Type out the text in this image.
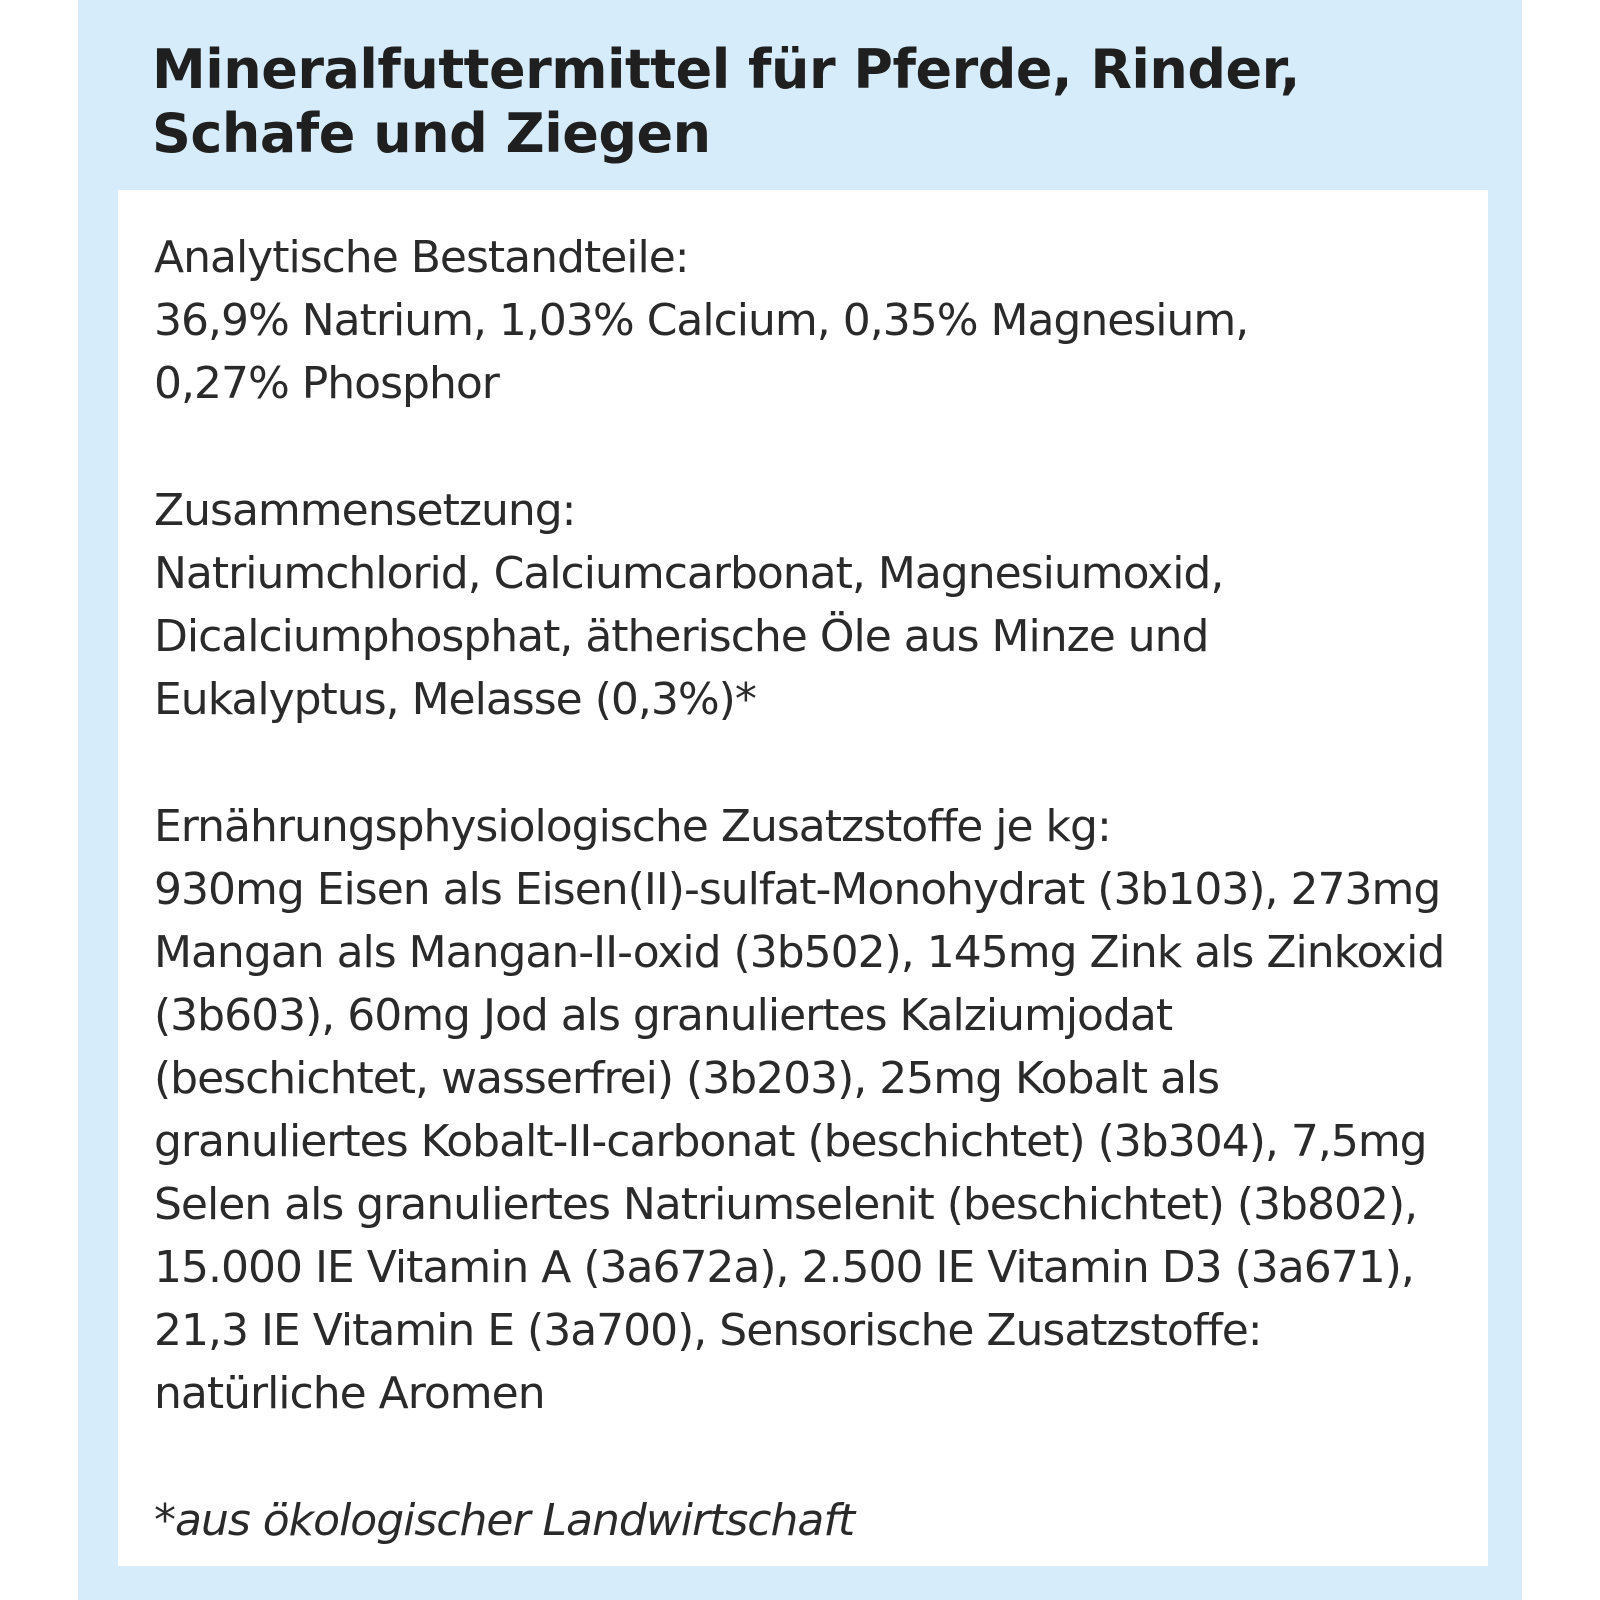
Mineralfuttermittel für Pferde, Rinder,
Schafe und Ziegen

Analytische Bestandteile:

36,9% Natrium, 1,03% Calcium, 0,35% Magnesium,

0,27% Phosphor

Zusammensetzung:

Natriumchlorid, Calciumcarbonat, Magnesiumoxid,

Dicalciumphosphat, ätherische Öle aus Minze und

Eukalyptus, Melasse (0,3%)*

Ernährungsphysiologische Zusatzstoffe je kg:

930mg Eisen als Eisen(II)-sulfat-Monohydrat (3b103), 273mg

Mangan als Mangan-II-oxid (3b502), 145mg Zink als Zinkoxid

(3b603), 60mg Jod als granuliertes Kalziumjodat

(beschichtet, wasserfrei) (3b203), 25mg Kobalt als

granuliertes Kobalt-II-carbonat (beschichtet) (3b304), 7,5mg

Selen als granuliertes Natriumselenit (beschichtet) (3b802),

15.000 IE Vitamin A (3a672a), 2.500 IE Vitamin D3 (3a671),

21,3 IE Vitamin E (3a700), Sensorische Zusatzstoffe:

natürliche Aromen

*aus ökologischer Landwirtschaft
